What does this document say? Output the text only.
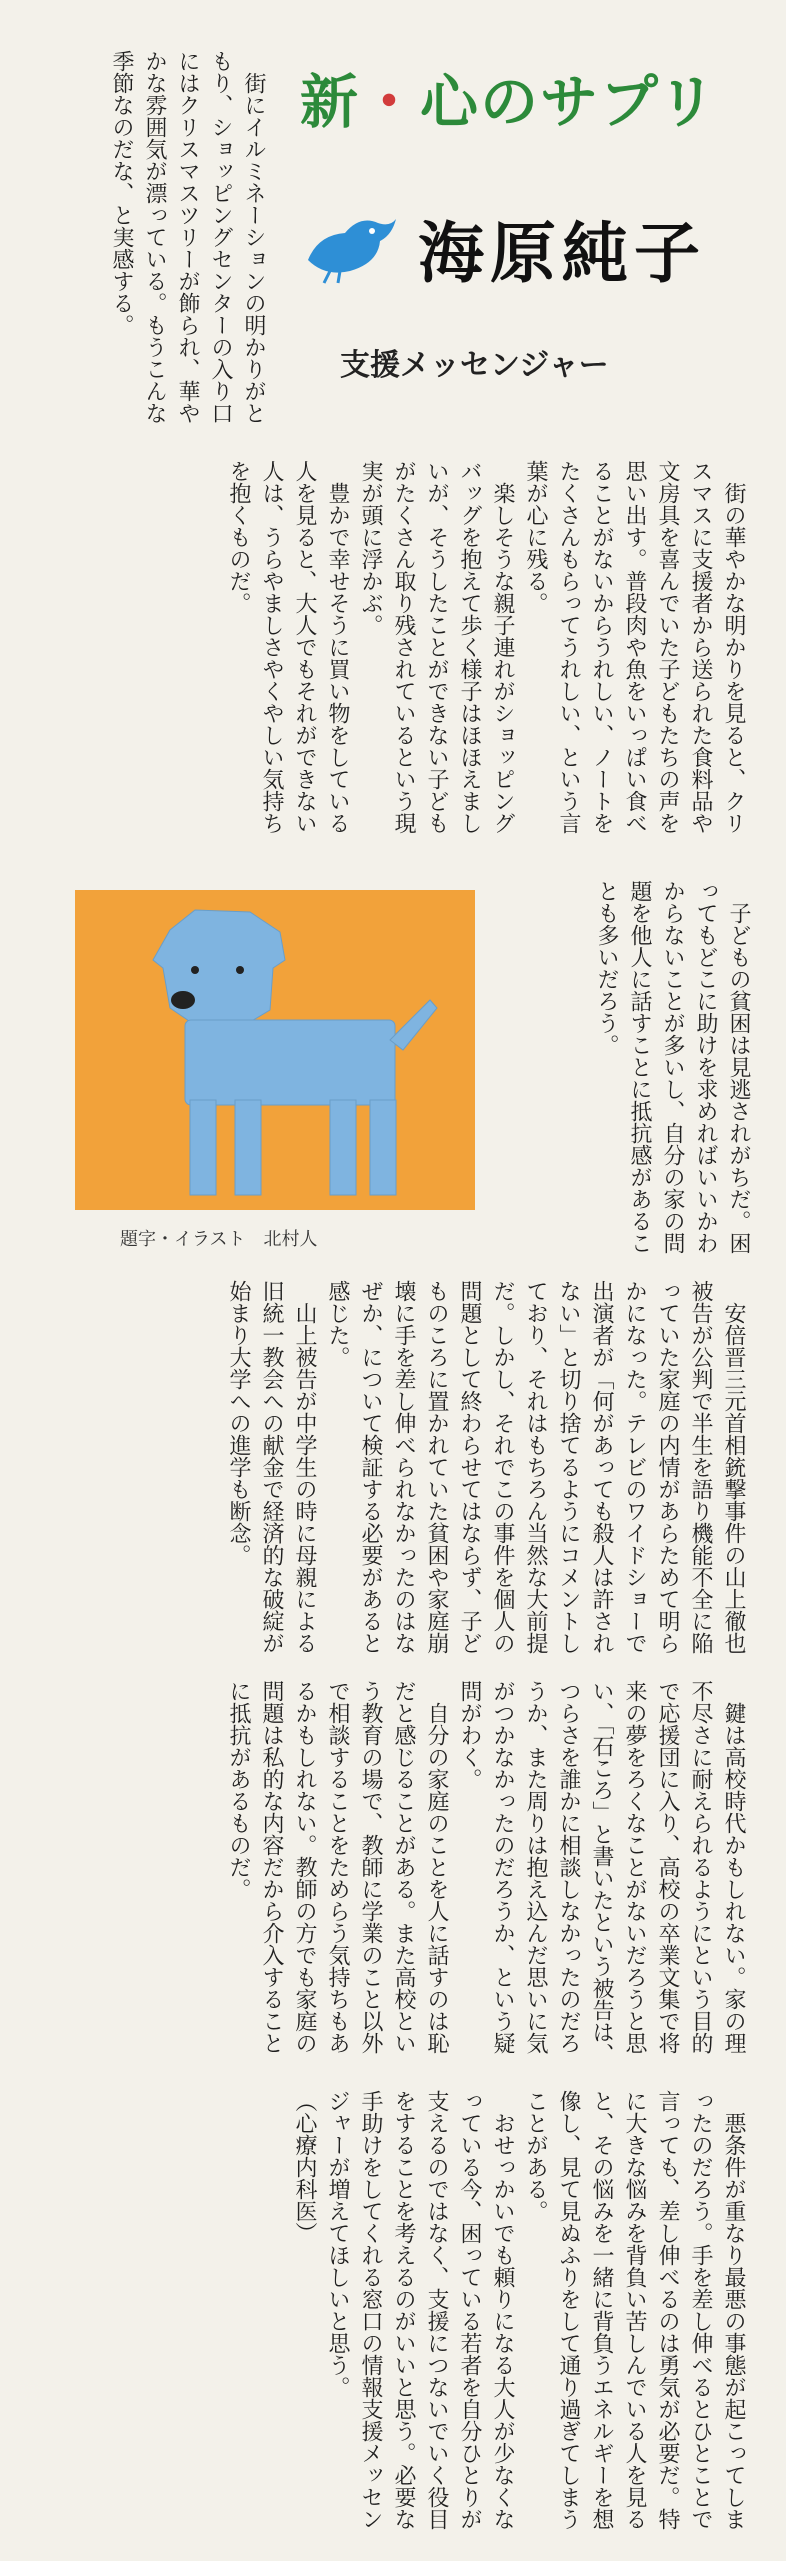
新・心のサプリ
海原純子
支援メッセンジャー

街にイルミネーションの明かりがともり、ショッピングセンターの入り口にはクリスマスツリーが飾られ、華やかな雰囲気が漂っている。もうこんな季節なのだな、と実感する。

街の華やかな明かりを見ると、クリスマスに支援者から送られた食料品や文房具を喜んでいた子どもたちの声を思い出す。普段肉や魚をいっぱい食べることがないからうれしい、ノートをたくさんもらってうれしい、という言葉が心に残る。

楽しそうな親子連れがショッピングバッグを抱えて歩く様子はほほえましいが、そうしたことができない子どもがたくさん取り残されているという現実が頭に浮かぶ。

豊かで幸せそうに買い物をしている人を見ると、大人でもそれができない人は、うらやましさやくやしい気持ちを抱くものだ。

子どもの貧困は見逃されがちだ。困ってもどこに助けを求めればいいかわからないことが多いし、自分の家の問題を他人に話すことに抵抗感があることも多いだろう。

題字・イラスト　北村人

安倍晋三元首相銃撃事件の山上徹也被告が公判で半生を語り機能不全に陥っていた家庭の内情があらためて明らかになった。テレビのワイドショーで出演者が「何があっても殺人は許されない」と切り捨てるようにコメントしており、それはもちろん当然な大前提だ。しかし、それでこの事件を個人の問題として終わらせてはならず、子どものころに置かれていた貧困や家庭崩壊に手を差し伸べられなかったのはなぜか、について検証する必要があると感じた。

山上被告が中学生の時に母親による旧統一教会への献金で経済的な破綻が始まり大学への進学も断念。

鍵は高校時代かもしれない。家の理不尽さに耐えられるようにという目的で応援団に入り、高校の卒業文集で将来の夢をろくなことがないだろうと思い、「石ころ」と書いたという被告は、つらさを誰かに相談しなかったのだろうか、また周りは抱え込んだ思いに気がつかなかったのだろうか、という疑問がわく。

自分の家庭のことを人に話すのは恥だと感じることがある。また高校という教育の場で、教師に学業のこと以外で相談することをためらう気持ちもあるかもしれない。教師の方でも家庭の問題は私的な内容だから介入することに抵抗があるものだ。

悪条件が重なり最悪の事態が起こってしまったのだろう。手を差し伸べるとひとことで言っても、差し伸べるのは勇気が必要だ。特に大きな悩みを背負い苦しんでいる人を見ると、その悩みを一緒に背負うエネルギーを想像し、見て見ぬふりをして通り過ぎてしまうことがある。

おせっかいでも頼りになる大人が少なくなっている今、困っている若者を自分ひとりが支えるのではなく、支援につないでいく役目をすることを考えるのがいいと思う。必要な手助けをしてくれる窓口の情報支援メッセンジャーが増えてほしいと思う。

（心療内科医）
